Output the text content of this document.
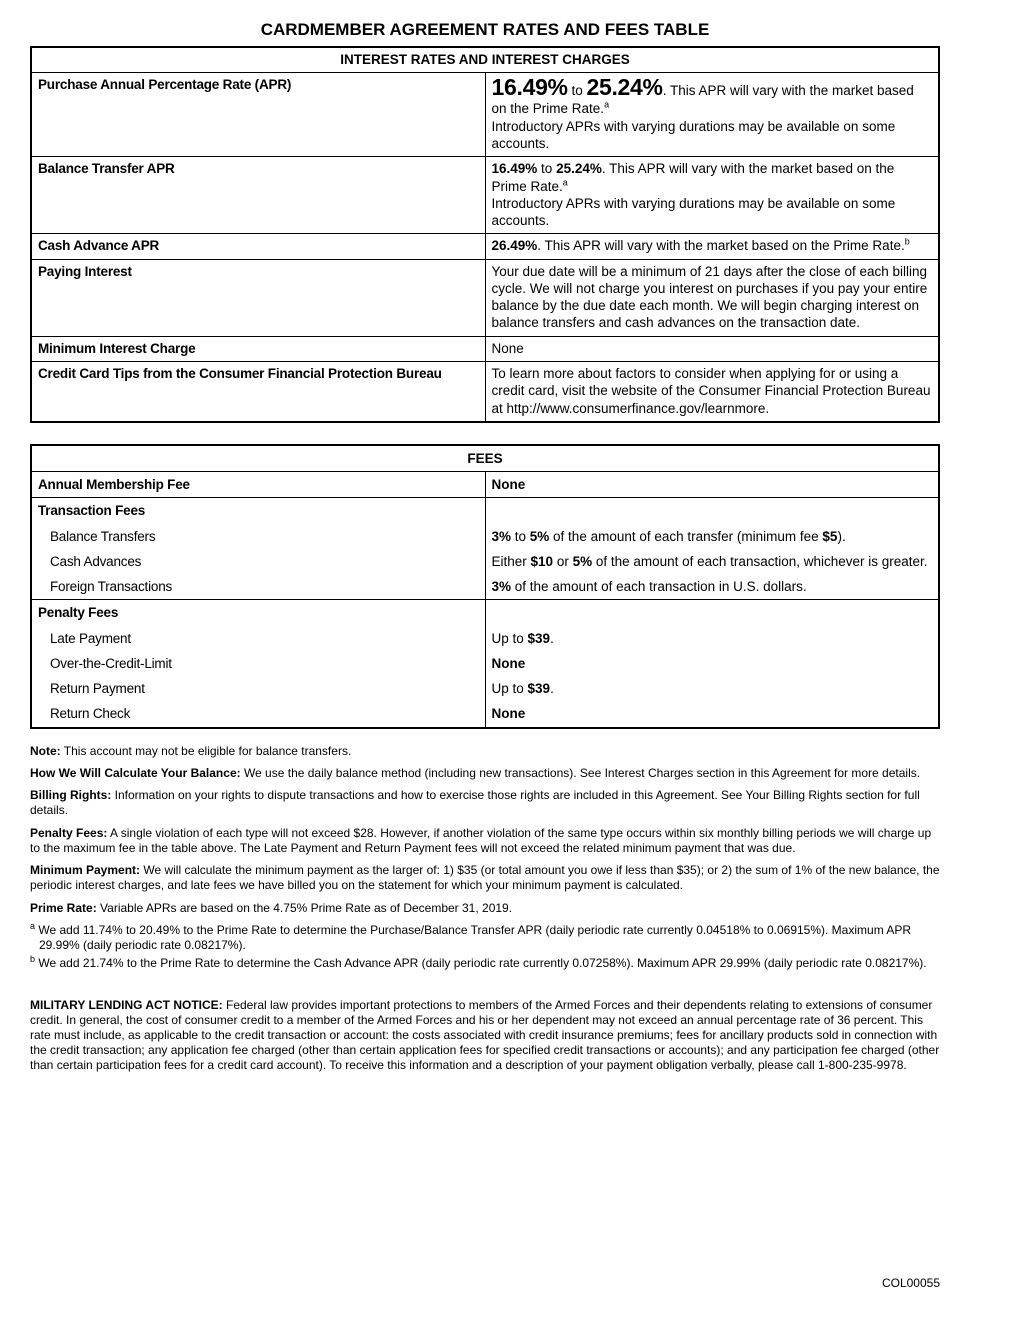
CARDMEMBER AGREEMENT RATES AND FEES TABLE
INTEREST RATES AND INTEREST CHARGES	
Purchase Annual Percentage Rate (APR)	16.49% to 25.24%. This APR will vary with the market based on the Prime Rate.$^a$
Introductory APRs with varying durations may be available on some accounts.

Balance Transfer APR	16.49% to 25.24%. This APR will vary with the market based on the Prime Rate.$^a$
Introductory APRs with varying durations may be available on some accounts.

Cash Advance APR	26.49%. This APR will vary with the market based on the Prime Rate.$^b$

Paying Interest	Your due date will be a minimum of 21 days after the close of each billing cycle. We will not charge you interest on purchases if you pay your entire balance by the due date each month. We will begin charging interest on balance transfers and cash advances on the transaction date.
Minimum Interest Charge	None
Credit Card Tips from the Consumer Financial Protection Bureau	To learn more about factors to consider when applying for or using a credit card, visit the website of the Consumer Financial Protection Bureau at http://www.consumerfinance.gov/learnmore.
FEES	
Annual Membership Fee	None
Transaction Fees	
Balance Transfers	3% to 5% of the amount of each transfer (minimum fee $5).
Cash Advances	Either $10 or 5% of the amount of each transaction, whichever is greater.
Foreign Transactions	3% of the amount of each transaction in U.S. dollars.
Penalty Fees	
Late Payment	Up to $39.
Over-the-Credit-Limit	None
Return Payment	Up to $39.
Return Check	None

Note: This account may not be eligible for balance transfers.

How We Will Calculate Your Balance: We use the daily balance method (including new transactions). See Interest Charges section in this Agreement for more details.

Billing Rights: Information on your rights to dispute transactions and how to exercise those rights are included in this Agreement. See Your Billing Rights section for full details.

Penalty Fees: A single violation of each type will not exceed $28. However, if another violation of the same type occurs within six monthly billing periods we will charge up to the maximum fee in the table above. The Late Payment and Return Payment fees will not exceed the related minimum payment that was due.

Minimum Payment: We will calculate the minimum payment as the larger of: 1) $35 (or total amount you owe if less than $35); or 2) the sum of 1% of the new balance, the periodic interest charges, and late fees we have billed you on the statement for which your minimum payment is calculated.

Prime Rate: Variable APRs are based on the 4.75% Prime Rate as of December 31, 2019.

$^a$ We add 11.74% to 20.49% to the Prime Rate to determine the Purchase/Balance Transfer APR (daily periodic rate currently 0.04518% to 0.06915%). Maximum APR 29.99% (daily periodic rate 0.08217%).

$^b$ We add 21.74% to the Prime Rate to determine the Cash Advance APR (daily periodic rate currently 0.07258%). Maximum APR 29.99% (daily periodic rate 0.08217%).

MILITARY LENDING ACT NOTICE: Federal law provides important protections to members of the Armed Forces and their dependents relating to extensions of consumer credit. In general, the cost of consumer credit to a member of the Armed Forces and his or her dependent may not exceed an annual percentage rate of 36 percent. This rate must include, as applicable to the credit transaction or account: the costs associated with credit insurance premiums; fees for ancillary products sold in connection with the credit transaction; any application fee charged (other than certain application fees for specified credit transactions or accounts); and any participation fee charged (other than certain participation fees for a credit card account). To receive this information and a description of your payment obligation verbally, please call 1-800-235-9978.
COL00055
